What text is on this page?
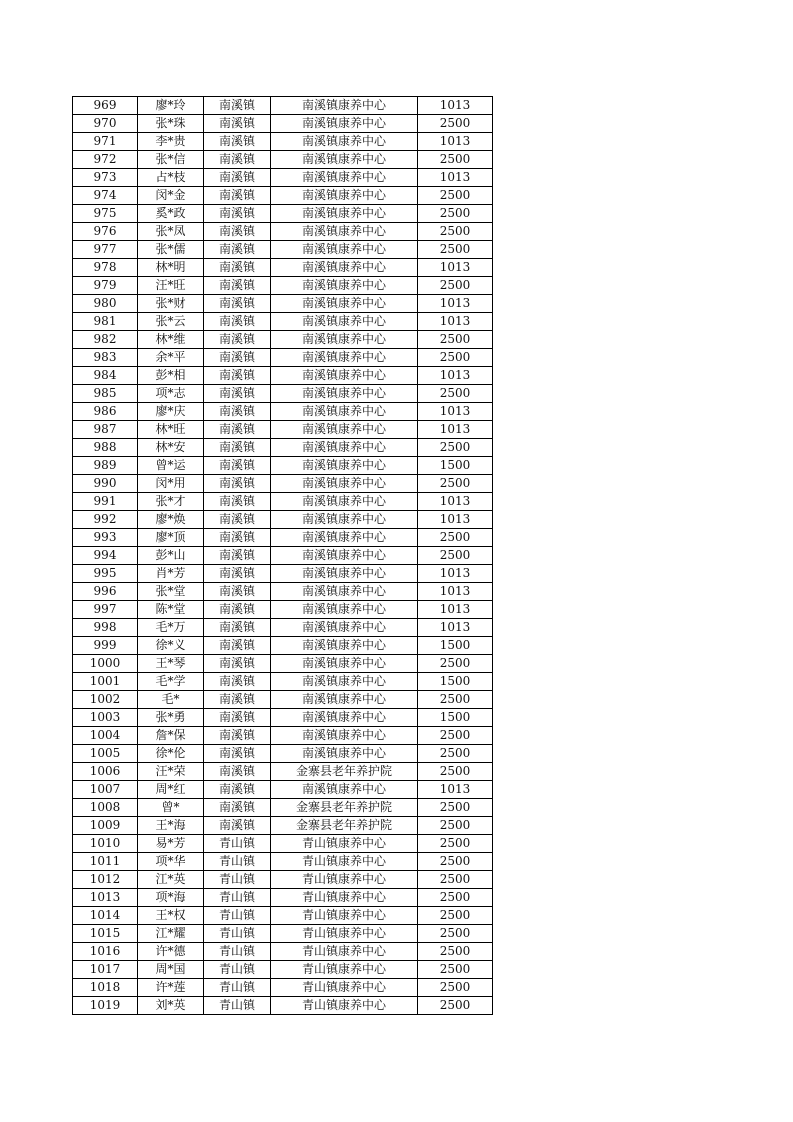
969	廖*玲	南溪镇	南溪镇康养中心	1013
970	张*珠	南溪镇	南溪镇康养中心	2500
971	李*贵	南溪镇	南溪镇康养中心	1013
972	张*信	南溪镇	南溪镇康养中心	2500
973	占*枝	南溪镇	南溪镇康养中心	1013
974	闵*金	南溪镇	南溪镇康养中心	2500
975	奚*政	南溪镇	南溪镇康养中心	2500
976	张*凤	南溪镇	南溪镇康养中心	2500
977	张*儒	南溪镇	南溪镇康养中心	2500
978	林*明	南溪镇	南溪镇康养中心	1013
979	汪*旺	南溪镇	南溪镇康养中心	2500
980	张*财	南溪镇	南溪镇康养中心	1013
981	张*云	南溪镇	南溪镇康养中心	1013
982	林*维	南溪镇	南溪镇康养中心	2500
983	余*平	南溪镇	南溪镇康养中心	2500
984	彭*相	南溪镇	南溪镇康养中心	1013
985	项*志	南溪镇	南溪镇康养中心	2500
986	廖*庆	南溪镇	南溪镇康养中心	1013
987	林*旺	南溪镇	南溪镇康养中心	1013
988	林*安	南溪镇	南溪镇康养中心	2500
989	曾*运	南溪镇	南溪镇康养中心	1500
990	闵*用	南溪镇	南溪镇康养中心	2500
991	张*才	南溪镇	南溪镇康养中心	1013
992	廖*焕	南溪镇	南溪镇康养中心	1013
993	廖*顶	南溪镇	南溪镇康养中心	2500
994	彭*山	南溪镇	南溪镇康养中心	2500
995	肖*芳	南溪镇	南溪镇康养中心	1013
996	张*堂	南溪镇	南溪镇康养中心	1013
997	陈*堂	南溪镇	南溪镇康养中心	1013
998	毛*万	南溪镇	南溪镇康养中心	1013
999	徐*义	南溪镇	南溪镇康养中心	1500
1000	王*琴	南溪镇	南溪镇康养中心	2500
1001	毛*学	南溪镇	南溪镇康养中心	1500
1002	毛*	南溪镇	南溪镇康养中心	2500
1003	张*勇	南溪镇	南溪镇康养中心	1500
1004	詹*保	南溪镇	南溪镇康养中心	2500
1005	徐*伦	南溪镇	南溪镇康养中心	2500
1006	汪*荣	南溪镇	金寨县老年养护院	2500
1007	周*红	南溪镇	南溪镇康养中心	1013
1008	曾*	南溪镇	金寨县老年养护院	2500
1009	王*海	南溪镇	金寨县老年养护院	2500
1010	易*芳	青山镇	青山镇康养中心	2500
1011	项*华	青山镇	青山镇康养中心	2500
1012	江*英	青山镇	青山镇康养中心	2500
1013	项*海	青山镇	青山镇康养中心	2500
1014	王*权	青山镇	青山镇康养中心	2500
1015	江*耀	青山镇	青山镇康养中心	2500
1016	许*德	青山镇	青山镇康养中心	2500
1017	周*国	青山镇	青山镇康养中心	2500
1018	许*莲	青山镇	青山镇康养中心	2500
1019	刘*英	青山镇	青山镇康养中心	2500
